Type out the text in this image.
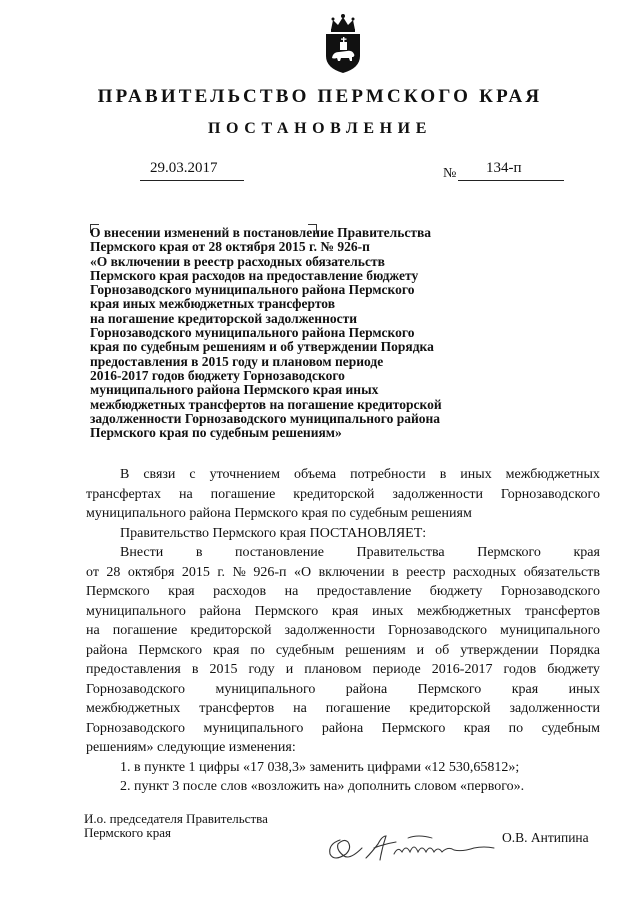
ПРАВИТЕЛЬСТВО ПЕРМСКОГО КРАЯ
ПОСТАНОВЛЕНИЕ
29.03.2017	№ 134-п
О внесении изменений в постановление Правительства
Пермского края от 28 октября 2015 г. № 926-п
«О включении в реестр расходных обязательств
Пермского края расходов на предоставление бюджету
Горнозаводского муниципального района Пермского
края иных межбюджетных трансфертов
на погашение кредиторской задолженности
Горнозаводского муниципального района Пермского
края по судебным решениям и об утверждении Порядка
предоставления в 2015 году и плановом периоде
2016-2017 годов бюджету Горнозаводского
муниципального района Пермского края иных
межбюджетных трансфертов на погашение кредиторской
задолженности Горнозаводского муниципального района
Пермского края по судебным решениям»
В связи с уточнением объема потребности в иных межбюджетных
трансфертах на погашение кредиторской задолженности Горнозаводского
муниципального района Пермского края по судебным решениям
Правительство Пермского края ПОСТАНОВЛЯЕТ:
Внести в постановление Правительства Пермского края
от 28 октября 2015 г. № 926-п «О включении в реестр расходных обязательств
Пермского края расходов на предоставление бюджету Горнозаводского
муниципального района Пермского края иных межбюджетных трансфертов
на погашение кредиторской задолженности Горнозаводского муниципального
района Пермского края по судебным решениям и об утверждении Порядка
предоставления в 2015 году и плановом периоде 2016-2017 годов бюджету
Горнозаводского муниципального района Пермского края иных
межбюджетных трансфертов на погашение кредиторской задолженности
Горнозаводского муниципального района Пермского края по судебным
решениям» следующие изменения:
1. в пункте 1 цифры «17 038,3» заменить цифрами «12 530,65812»;
2. пункт 3 после слов «возложить на» дополнить словом «первого».
И.о. председателя Правительства
Пермского края	О.В. Антипина
